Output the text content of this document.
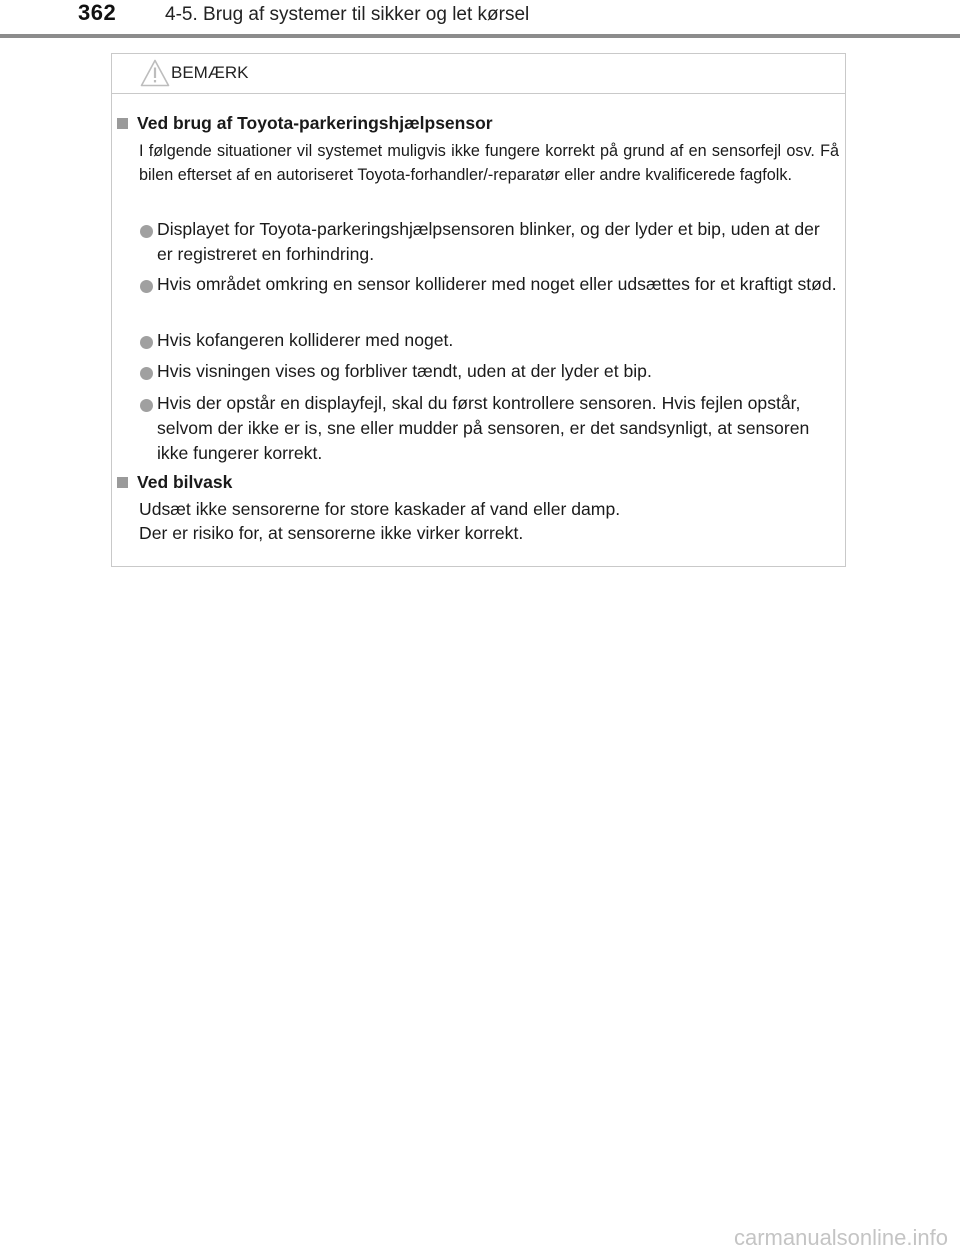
362	4-5. Brug af systemer til sikker og let kørsel
BEMÆRK
Ved brug af Toyota-parkeringshjælpsensor

I følgende situationer vil systemet muligvis ikke fungere korrekt på grund af en sensorfejl osv. Få bilen efterset af en autoriseret Toyota-forhandler/-reparatør eller andre kvalificerede fagfolk.

Displayet for Toyota-parkeringshjælpsensoren blinker, og der lyder et bip, uden at der er registreret en forhindring.

Hvis området omkring en sensor kolliderer med noget eller udsættes for et kraftigt stød.

Hvis kofangeren kolliderer med noget.

Hvis visningen vises og forbliver tændt, uden at der lyder et bip.

Hvis der opstår en displayfejl, skal du først kontrollere sensoren. Hvis fejlen opstår, selvom der ikke er is, sne eller mudder på sensoren, er det sandsynligt, at sensoren ikke fungerer korrekt.

Ved bilvask
Udsæt ikke sensorerne for store kaskader af vand eller damp.
Der er risiko for, at sensorerne ikke virker korrekt.
carmanualsonline.info
